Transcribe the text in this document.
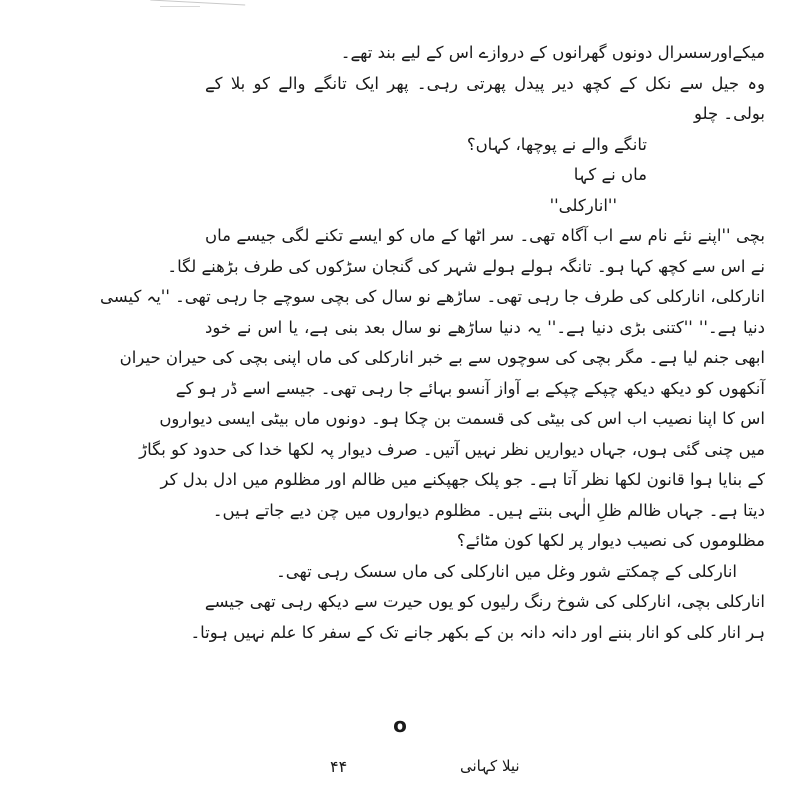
میکےاورسسرال دونوں گھرانوں کے دروازے اس کے لیے بند تھے۔
وہ جیل سے نکل کے کچھ دیر پیدل پھرتی رہی۔ پھر ایک تانگے والے کو بلا کے
بولی۔ چلو
تانگے والے نے پوچھا، کہاں؟
ماں نے کہا
''انارکلی''
بچی ''اپنے نئے نام سے اب آگاہ تھی۔ سر اٹھا کے ماں کو ایسے تکنے لگی جیسے ماں
نے اس سے کچھ کہا ہو۔ تانگہ ہولے ہولے شہر کی گنجان سڑکوں کی طرف بڑھنے لگا۔
انارکلی، انارکلی کی طرف جا رہی تھی۔ ساڑھے نو سال کی بچی سوچے جا رہی تھی۔ ''یہ کیسی
دنیا ہے۔'' ''کتنی بڑی دنیا ہے۔'' یہ دنیا ساڑھے نو سال بعد بنی ہے، یا اس نے خود
ابھی جنم لیا ہے۔ مگر بچی کی سوچوں سے بے خبر انارکلی کی ماں اپنی بچی کی حیران حیران
آنکھوں کو دیکھ دیکھ چپکے چپکے بے آواز آنسو بہائے جا رہی تھی۔ جیسے اسے ڈر ہو کے
اس کا اپنا نصیب اب اس کی بیٹی کی قسمت بن چکا ہو۔ دونوں ماں بیٹی ایسی دیواروں
میں چنی گئی ہوں، جہاں دیواریں نظر نہیں آتیں۔ صرف دیوار پہ لکھا خدا کی حدود کو بگاڑ
کے بنایا ہوا قانون لکھا نظر آتا ہے۔ جو پلک جھپکنے میں ظالم اور مظلوم میں ادل بدل کر
دیتا ہے۔ جہاں ظالم ظلِ الٰہی بنتے ہیں۔ مظلوم دیواروں میں چن دیے جاتے ہیں۔
مظلوموں کی نصیب دیوار پر لکھا کون مٹائے؟
انارکلی کے چمکتے شور وغل میں انارکلی کی ماں سسک رہی تھی۔
انارکلی بچی، انارکلی کی شوخ رنگ رلیوں کو یوں حیرت سے دیکھ رہی تھی جیسے
ہر انار کلی کو انار بننے اور دانہ دانہ بن کے بکھر جانے تک کے سفر کا علم نہیں ہوتا۔
o
۴۴	نیلا کہانی
